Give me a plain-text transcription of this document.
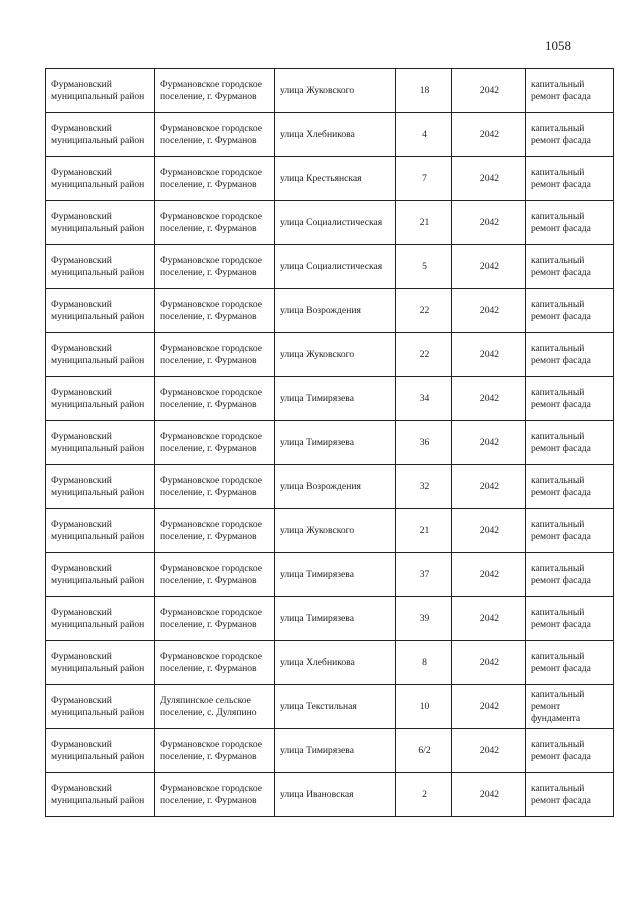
1058
Фурмановский муниципальный район	Фурмановское городское поселение, г. Фурманов	улица Жуковского	18	2042	капитальный ремонт фасада
Фурмановский муниципальный район	Фурмановское городское поселение, г. Фурманов	улица Хлебникова	4	2042	капитальный ремонт фасада
Фурмановский муниципальный район	Фурмановское городское поселение, г. Фурманов	улица Крестьянская	7	2042	капитальный ремонт фасада
Фурмановский муниципальный район	Фурмановское городское поселение, г. Фурманов	улица Социалистическая	21	2042	капитальный ремонт фасада
Фурмановский муниципальный район	Фурмановское городское поселение, г. Фурманов	улица Социалистическая	5	2042	капитальный ремонт фасада
Фурмановский муниципальный район	Фурмановское городское поселение, г. Фурманов	улица Возрождения	22	2042	капитальный ремонт фасада
Фурмановский муниципальный район	Фурмановское городское поселение, г. Фурманов	улица Жуковского	22	2042	капитальный ремонт фасада
Фурмановский муниципальный район	Фурмановское городское поселение, г. Фурманов	улица Тимирязева	34	2042	капитальный ремонт фасада
Фурмановский муниципальный район	Фурмановское городское поселение, г. Фурманов	улица Тимирязева	36	2042	капитальный ремонт фасада
Фурмановский муниципальный район	Фурмановское городское поселение, г. Фурманов	улица Возрождения	32	2042	капитальный ремонт фасада
Фурмановский муниципальный район	Фурмановское городское поселение, г. Фурманов	улица Жуковского	21	2042	капитальный ремонт фасада
Фурмановский муниципальный район	Фурмановское городское поселение, г. Фурманов	улица Тимирязева	37	2042	капитальный ремонт фасада
Фурмановский муниципальный район	Фурмановское городское поселение, г. Фурманов	улица Тимирязева	39	2042	капитальный ремонт фасада
Фурмановский муниципальный район	Фурмановское городское поселение, г. Фурманов	улица Хлебникова	8	2042	капитальный ремонт фасада
Фурмановский муниципальный район	Дуляпинское сельское поселение, с. Дуляпино	улица Текстильная	10	2042	капитальный ремонт фундамента
Фурмановский муниципальный район	Фурмановское городское поселение, г. Фурманов	улица Тимирязева	6/2	2042	капитальный ремонт фасада
Фурмановский муниципальный район	Фурмановское городское поселение, г. Фурманов	улица Ивановская	2	2042	капитальный ремонт фасада
